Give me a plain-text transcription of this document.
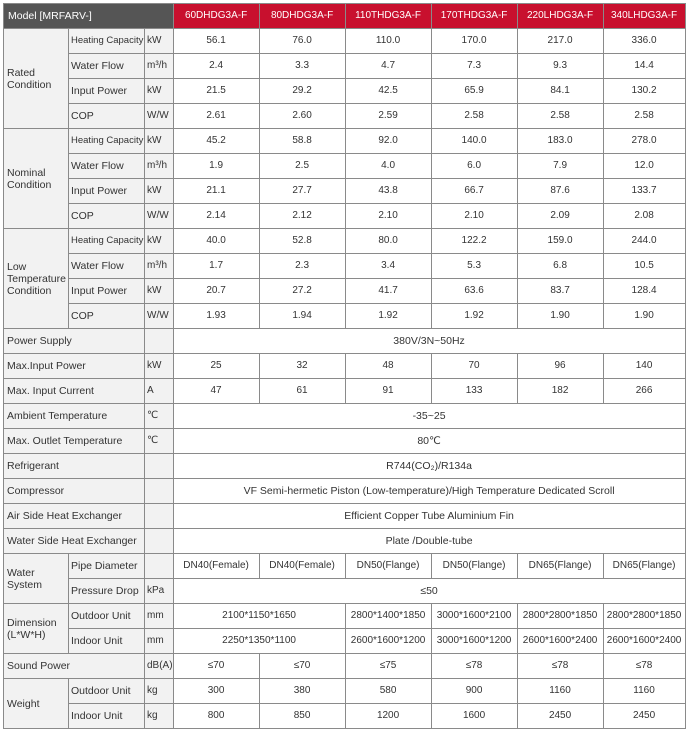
Model [MRFARV-]			60DHDG3A-F	80DHDG3A-F	110THDG3A-F	170THDG3A-F	220LHDG3A-F	340LHDG3A-F
Rated Condition	Heating Capacity	kW	56.1	76.0	110.0	170.0	217.0	336.0
	Water Flow	m³/h	2.4	3.3	4.7	7.3	9.3	14.4
	Input Power	kW	21.5	29.2	42.5	65.9	84.1	130.2
	COP	W/W	2.61	2.60	2.59	2.58	2.58	2.58
Nominal Condition	Heating Capacity	kW	45.2	58.8	92.0	140.0	183.0	278.0
	Water Flow	m³/h	1.9	2.5	4.0	6.0	7.9	12.0
	Input Power	kW	21.1	27.7	43.8	66.7	87.6	133.7
	COP	W/W	2.14	2.12	2.10	2.10	2.09	2.08
Low Temperature Condition	Heating Capacity	kW	40.0	52.8	80.0	122.2	159.0	244.0
	Water Flow	m³/h	1.7	2.3	3.4	5.3	6.8	10.5
	Input Power	kW	20.7	27.2	41.7	63.6	83.7	128.4
	COP	W/W	1.93	1.94	1.92	1.92	1.90	1.90
Power Supply			380V/3N~50Hz					
Max.Input Power		kW	25	32	48	70	96	140
Max. Input Current		A	47	61	91	133	182	266
Ambient Temperature		℃	-35~25					
Max. Outlet Temperature		℃	80℃					
Refrigerant			R744(CO₂)/R134a					
Compressor			VF Semi-hermetic Piston (Low-temperature)/High Temperature Dedicated Scroll					
Air Side Heat Exchanger			Efficient Copper Tube Aluminium Fin					
Water Side Heat Exchanger			Plate /Double-tube					
Water System	Pipe Diameter		DN40(Female)	DN40(Female)	DN50(Flange)	DN50(Flange)	DN65(Flange)	DN65(Flange)
	Pressure Drop	kPa	≤50					
Dimension (L*W*H)	Outdoor Unit	mm	2100*1150*1650		2800*1400*1850	3000*1600*2100	2800*2800*1850	2800*2800*1850
	Indoor Unit	mm	2250*1350*1100		2600*1600*1200	3000*1600*1200	2600*1600*2400	2600*1600*2400
Sound Power		dB(A)	≤70	≤70	≤75	≤78	≤78	≤78
Weight	Outdoor Unit	kg	300	380	580	900	1160	1160
	Indoor Unit	kg	800	850	1200	1600	2450	2450
